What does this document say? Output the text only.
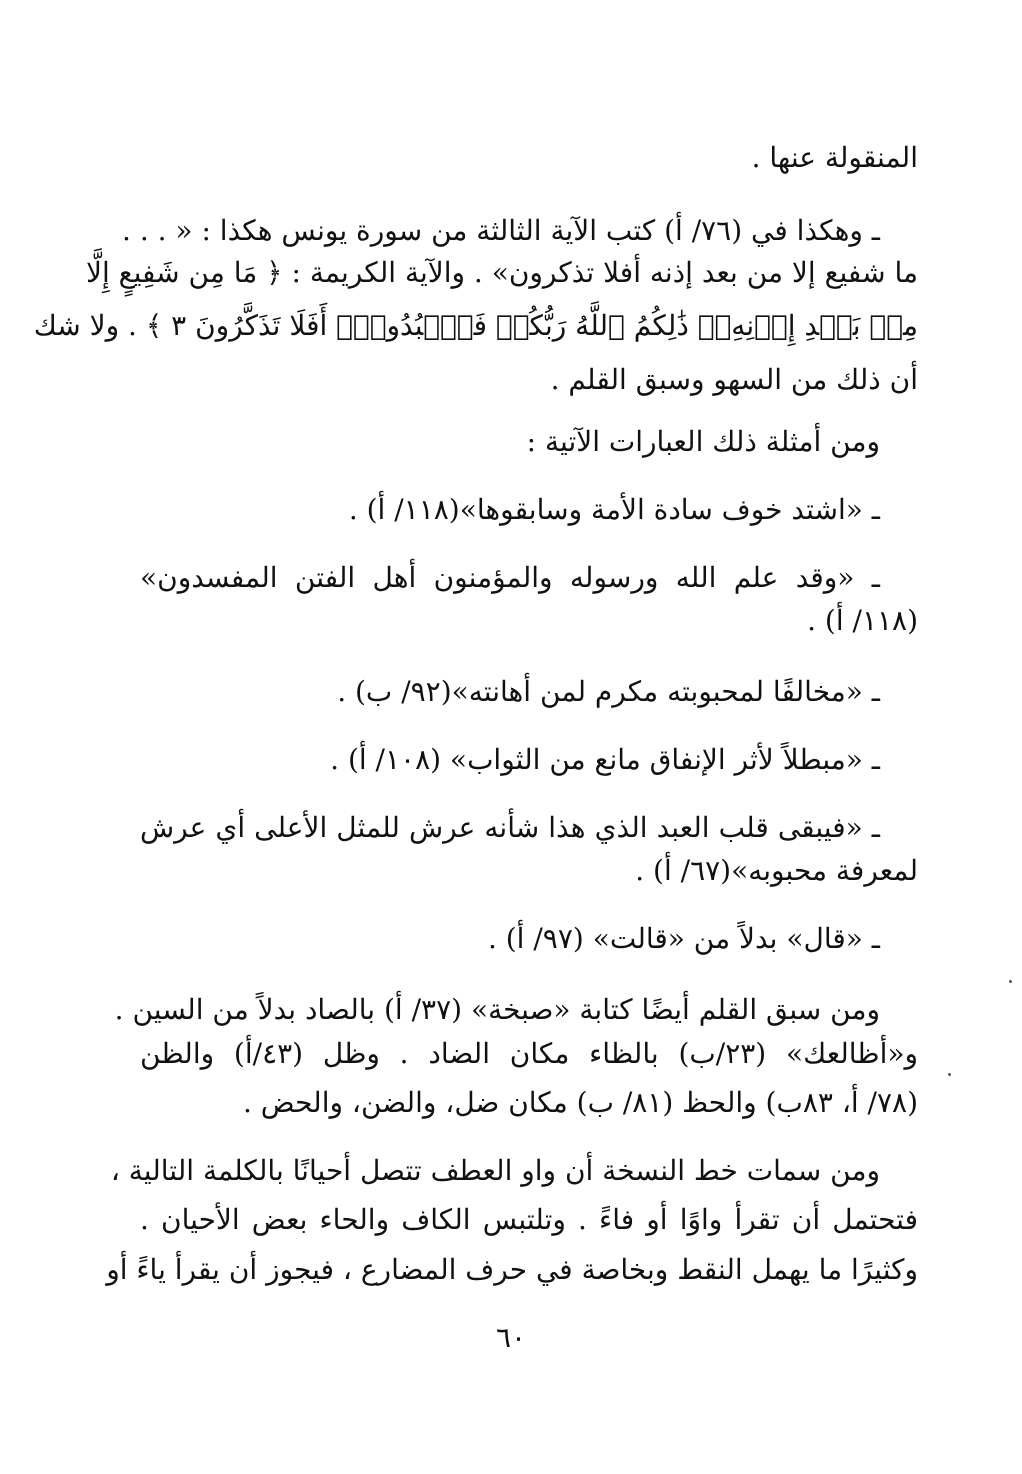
المنقولة عنها .
ـ وهكذا في (٧٦/ أ) كتب الآية الثالثة من سورة يونس هكذا : « . . .
ما شفيع إلا من بعد إذنه أفلا تذكرون» . والآية الكريمة : ﴿ مَا مِن شَفِيعٍ إِلَّا
مِنۢ بَعۡدِ إِذۡنِهِۦۚ ذَٰلِكُمُ ٱللَّهُ رَبُّكُمۡ فَٱعۡبُدُوهُۚ أَفَلَا تَذَكَّرُونَ ٣ ﴾ . ولا شك
أن ذلك من السهو وسبق القلم .
ومن أمثلة ذلك العبارات الآتية :
ـ «اشتد خوف سادة الأمة وسابقوها»(١١٨/ أ) .
ـ «وقد علم الله ورسوله والمؤمنون أهل الفتن المفسدون»
(١١٨/ أ) .
ـ «مخالفًا لمحبوبته مكرم لمن أهانته»(٩٢/ ب) .
ـ «مبطلاً لأثر الإنفاق مانع من الثواب» (١٠٨/ أ) .
ـ «فيبقى قلب العبد الذي هذا شأنه عرش للمثل الأعلى أي عرش
لمعرفة محبوبه»(٦٧/ أ) .
ـ «قال» بدلاً من «قالت» (٩٧/ أ) .
ومن سبق القلم أيضًا كتابة «صبخة» (٣٧/ أ) بالصاد بدلاً من السين .
و«أظالعك» (٢٣/ب) بالظاء مكان الضاد . وظل (٤٣/أ) والظن
(٧٨/ أ، ٨٣ب) والحظ (٨١/ ب) مكان ضل، والضن، والحض .
ومن سمات خط النسخة أن واو العطف تتصل أحيانًا بالكلمة التالية ،
فتحتمل أن تقرأ واوًا أو فاءً . وتلتبس الكاف والحاء بعض الأحيان .
وكثيرًا ما يهمل النقط وبخاصة في حرف المضارع ، فيجوز أن يقرأ ياءً أو
٦٠
